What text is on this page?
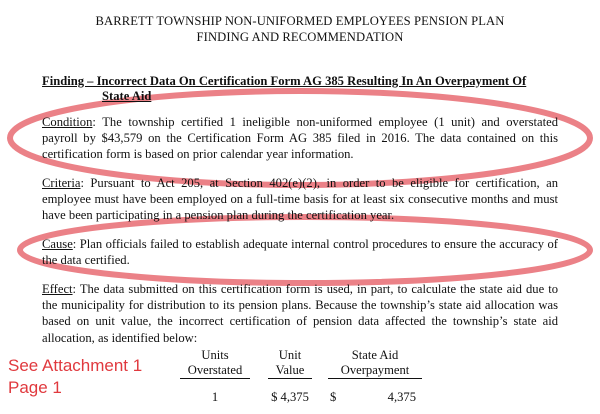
BARRETT TOWNSHIP NON-UNIFORMED EMPLOYEES PENSION PLAN
FINDING AND RECOMMENDATION
Finding – Incorrect Data On Certification Form AG 385 Resulting In An Overpayment Of
State Aid
Condition: The township certified 1 ineligible non-uniformed employee (1 unit) and overstated payroll by $43,579 on the Certification Form AG 385 filed in 2016. The data contained on this certification form is based on prior calendar year information.
Criteria: Pursuant to Act 205, at Section 402(e)(2), in order to be eligible for certification, an employee must have been employed on a full-time basis for at least six consecutive months and must have been participating in a pension plan during the certification year.
Cause: Plan officials failed to establish adequate internal control procedures to ensure the accuracy of the data certified.
Effect: The data submitted on this certification form is used, in part, to calculate the state aid due to the municipality for distribution to its pension plans. Because the township’s state aid allocation was based on unit value, the incorrect certification of pension data affected the township’s state aid allocation, as identified below:
See Attachment 1
Page 1
Units
Overstated
1
Unit
Value
$ 4,375
State Aid
Overpayment
$	4,375
